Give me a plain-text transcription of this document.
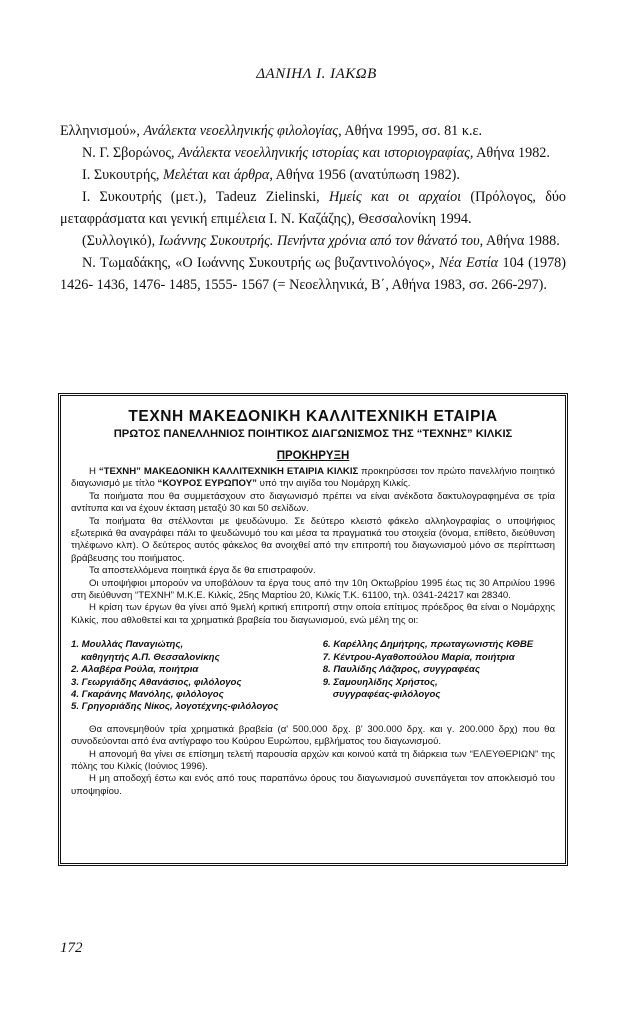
ΔΑΝΙΗΛ Ι. ΙΑΚΩΒ

Ελληνισμού», Ανάλεκτα νεοελληνικής φιλολογίας, Αθήνα 1995, σσ. 81 κ.ε.

Ν. Γ. Σβορώνος, Ανάλεκτα νεοελληνικής ιστορίας και ιστοριογραφίας, Αθήνα 1982.

Ι. Συκουτρής, Μελέται και άρθρα, Αθήνα 1956 (ανατύπωση 1982).

Ι. Συκουτρής (μετ.), Tadeuz Zielinski, Ημείς και οι αρχαίοι (Πρόλογος, δύο μεταφράσματα και γενική επιμέλεια Ι. Ν. Καζάζης), Θεσσαλονίκη 1994.

(Συλλογικό), Ιωάννης Συκουτρής. Πενήντα χρόνια από τον θάνατό του, Αθήνα 1988.

Ν. Τωμαδάκης, «Ο Ιωάννης Συκουτρής ως βυζαντινολόγος», Νέα Εστία 104 (1978) 1426- 1436, 1476- 1485, 1555- 1567 (= Νεοελληνικά, Β΄, Αθήνα 1983, σσ. 266-297).

ΤΕΧΝΗ ΜΑΚΕΔΟΝΙΚΗ ΚΑΛΛΙΤΕΧΝΙΚΗ ΕΤΑΙΡΙΑ
ΠΡΩΤΟΣ ΠΑΝΕΛΛΗΝΙΟΣ ΠΟΙΗΤΙΚΟΣ ΔΙΑΓΩΝΙΣΜΟΣ ΤΗΣ “ΤΕΧΝΗΣ” ΚΙΛΚΙΣ
ΠΡΟΚΗΡΥΞΗ

Η “ΤΕΧΝΗ” ΜΑΚΕΔΟΝΙΚΗ ΚΑΛΛΙΤΕΧΝΙΚΗ ΕΤΑΙΡΙΑ ΚΙΛΚΙΣ προκηρύσσει τον πρώτο πανελλήνιο ποιητικό διαγωνισμό με τίτλο “ΚΟΥΡΟΣ ΕΥΡΩΠΟΥ” υπό την αιγίδα του Νομάρχη Κιλκίς.

Τα ποιήματα που θα συμμετάσχουν στο διαγωνισμό πρέπει να είναι ανέκδοτα δακτυλογραφημένα σε τρία αντίτυπα και να έχουν έκταση μεταξύ 30 και 50 σελίδων.

Τα ποιήματα θα στέλλονται με ψευδώνυμο. Σε δεύτερο κλειστό φάκελο αλληλογραφίας ο υποψήφιος εξωτερικά θα αναγράφει πάλι το ψευδώνυμό του και μέσα τα πραγματικά του στοιχεία (όνομα, επίθετο, διεύθυνση τηλέφωνο κλπ). Ο δεύτερος αυτός φάκελος θα ανοιχθεί από την επιτροπή του διαγωνισμού μόνο σε περίπτωση βράβευσης του ποιήματος.

Τα αποστελλόμενα ποιητικά έργα δε θα επιστραφούν.

Οι υποψήφιοι μπορούν να υποβάλουν τα έργα τους από την 10η Οκτωβρίου 1995 έως τις 30 Απριλίου 1996 στη διεύθυνση “ΤΕΧΝΗ” Μ.Κ.Ε. Κιλκίς, 25ης Μαρτίου 20, Κιλκίς Τ.Κ. 61100, τηλ. 0341-24217 και 28340.

Η κρίση των έργων θα γίνει από 9μελή κριτική επιτροπή στην οποία επίτιμος πρόεδρος θα είναι ο Νομάρχης Κιλκίς, που αθλοθετεί και τα χρηματικά βραβεία του διαγωνισμού, ενώ μέλη της οι:

1. Μουλλάς Παναγιώτης,
καθηγητής Α.Π. Θεσσαλονίκης
2. Αλαβέρα Ρούλα, ποιήτρια
3. Γεωργιάδης Αθανάσιος, φιλόλογος
4. Γκαράνης Μανόλης, φιλόλογος
5. Γρηγοριάδης Νίκος, λογοτέχνης-φιλόλογος
6. Καρέλλης Δημήτρης, πρωταγωνιστής ΚΘΒΕ
7. Κέντρου-Αγαθοπούλου Μαρία, ποιήτρια
8. Παυλίδης Λάζαρος, συγγραφέας
9. Σαμουηλίδης Χρήστος,
συγγραφέας-φιλόλογος

Θα απονεμηθούν τρία χρηματικά βραβεία (α' 500.000 δρχ. β' 300.000 δρχ. και γ. 200.000 δρχ) που θα συνοδεύονται από ένα αντίγραφο του Κούρου Ευρώπου, εμβλήματος του διαγωνισμού.

Η απονομή θα γίνει σε επίσημη τελετή παρουσία αρχών και κοινού κατά τη διάρκεια των “ΕΛΕΥΘΕΡΙΩΝ” της πόλης του Κιλκίς (Ιούνιος 1996).

Η μη αποδοχή έστω και ενός από τους παραπάνω όρους του διαγωνισμού συνεπάγεται τον αποκλεισμό του υποψηφίου.

172
